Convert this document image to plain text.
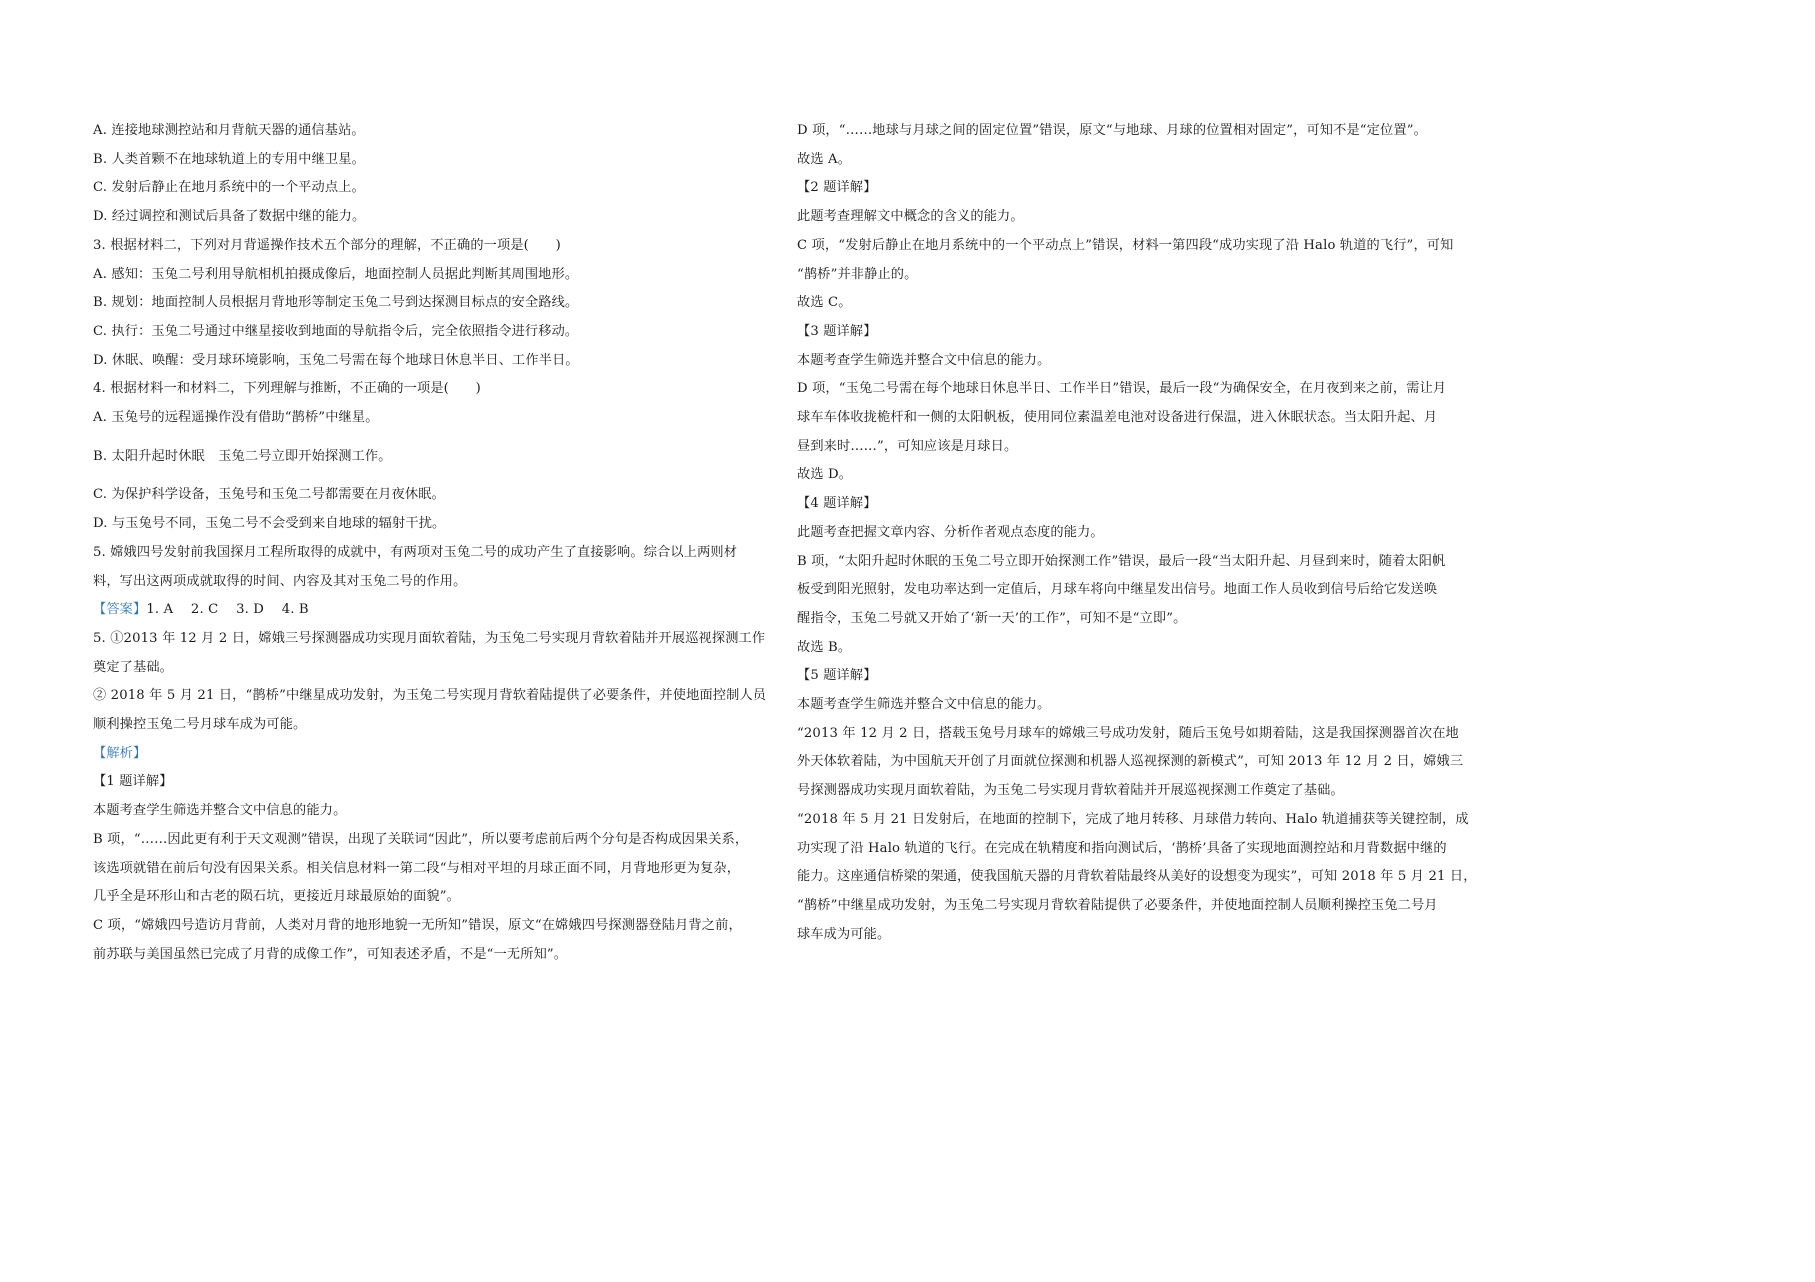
A. 连接地球测控站和月背航天器的通信基站。
B. 人类首颗不在地球轨道上的专用中继卫星。
C. 发射后静止在地月系统中的一个平动点上。
D. 经过调控和测试后具备了数据中继的能力。
3. 根据材料二，下列对月背遥操作技术五个部分的理解，不正确的一项是(　　)
A. 感知：玉兔二号利用导航相机拍摄成像后，地面控制人员据此判断其周围地形。
B. 规划：地面控制人员根据月背地形等制定玉兔二号到达探测目标点的安全路线。
C. 执行：玉兔二号通过中继星接收到地面的导航指令后，完全依照指令进行移动。
D. 休眠、唤醒：受月球环境影响，玉兔二号需在每个地球日休息半日、工作半日。
4. 根据材料一和材料二，下列理解与推断，不正确的一项是(　　)
A. 玉兔号的远程遥操作没有借助“鹊桥”中继星。
B. 太阳升起时休眠　玉兔二号立即开始探测工作。
C. 为保护科学设备，玉兔号和玉兔二号都需要在月夜休眠。
D. 与玉兔号不同，玉兔二号不会受到来自地球的辐射干扰。
5. 嫦娥四号发射前我国探月工程所取得的成就中，有两项对玉兔二号的成功产生了直接影响。综合以上两则材
料，写出这两项成就取得的时间、内容及其对玉兔二号的作用。
【答案】1. A　 2. C　 3. D　 4. B
5. ①2013 年 12 月 2 日，嫦娥三号探测器成功实现月面软着陆，为玉兔二号实现月背软着陆并开展巡视探测工作
奠定了基础。
② 2018 年 5 月 21 日，“鹊桥”中继星成功发射，为玉兔二号实现月背软着陆提供了必要条件，并使地面控制人员
顺利操控玉兔二号月球车成为可能。
【解析】
【1 题详解】
本题考查学生筛选并整合文中信息的能力。
B 项，“……因此更有利于天文观测”错误，出现了关联词“因此”，所以要考虑前后两个分句是否构成因果关系，
该选项就错在前后句没有因果关系。相关信息材料一第二段“与相对平坦的月球正面不同，月背地形更为复杂，
几乎全是环形山和古老的陨石坑，更接近月球最原始的面貌”。
C 项，“嫦娥四号造访月背前，人类对月背的地形地貌一无所知”错误，原文“在嫦娥四号探测器登陆月背之前，
前苏联与美国虽然已完成了月背的成像工作”，可知表述矛盾，不是“一无所知”。
D 项，“……地球与月球之间的固定位置”错误，原文“与地球、月球的位置相对固定”，可知不是“定位置”。
故选 A。
【2 题详解】
此题考查理解文中概念的含义的能力。
C 项，“发射后静止在地月系统中的一个平动点上”错误，材料一第四段“成功实现了沿 Halo 轨道的飞行”，可知
“鹊桥”并非静止的。
故选 C。
【3 题详解】
本题考查学生筛选并整合文中信息的能力。
D 项，“玉兔二号需在每个地球日休息半日、工作半日”错误，最后一段“为确保安全，在月夜到来之前，需让月
球车车体收拢桅杆和一侧的太阳帆板，使用同位素温差电池对设备进行保温，进入休眠状态。当太阳升起、月
昼到来时……”，可知应该是月球日。
故选 D。
【4 题详解】
此题考查把握文章内容、分析作者观点态度的能力。
B 项，“太阳升起时休眠的玉兔二号立即开始探测工作”错误，最后一段“当太阳升起、月昼到来时，随着太阳帆
板受到阳光照射，发电功率达到一定值后，月球车将向中继星发出信号。地面工作人员收到信号后给它发送唤
醒指令，玉兔二号就又开始了‘新一天’的工作”，可知不是“立即”。
故选 B。
【5 题详解】
本题考查学生筛选并整合文中信息的能力。
“2013 年 12 月 2 日，搭载玉兔号月球车的嫦娥三号成功发射，随后玉兔号如期着陆，这是我国探测器首次在地
外天体软着陆，为中国航天开创了月面就位探测和机器人巡视探测的新模式”，可知 2013 年 12 月 2 日，嫦娥三
号探测器成功实现月面软着陆，为玉兔二号实现月背软着陆并开展巡视探测工作奠定了基础。
“2018 年 5 月 21 日发射后，在地面的控制下，完成了地月转移、月球借力转向、Halo 轨道捕获等关键控制，成
功实现了沿 Halo 轨道的飞行。在完成在轨精度和指向测试后，‘鹊桥’具备了实现地面测控站和月背数据中继的
能力。这座通信桥梁的架通，使我国航天器的月背软着陆最终从美好的设想变为现实”，可知 2018 年 5 月 21 日，
“鹊桥”中继星成功发射，为玉兔二号实现月背软着陆提供了必要条件，并使地面控制人员顺利操控玉兔二号月
球车成为可能。
